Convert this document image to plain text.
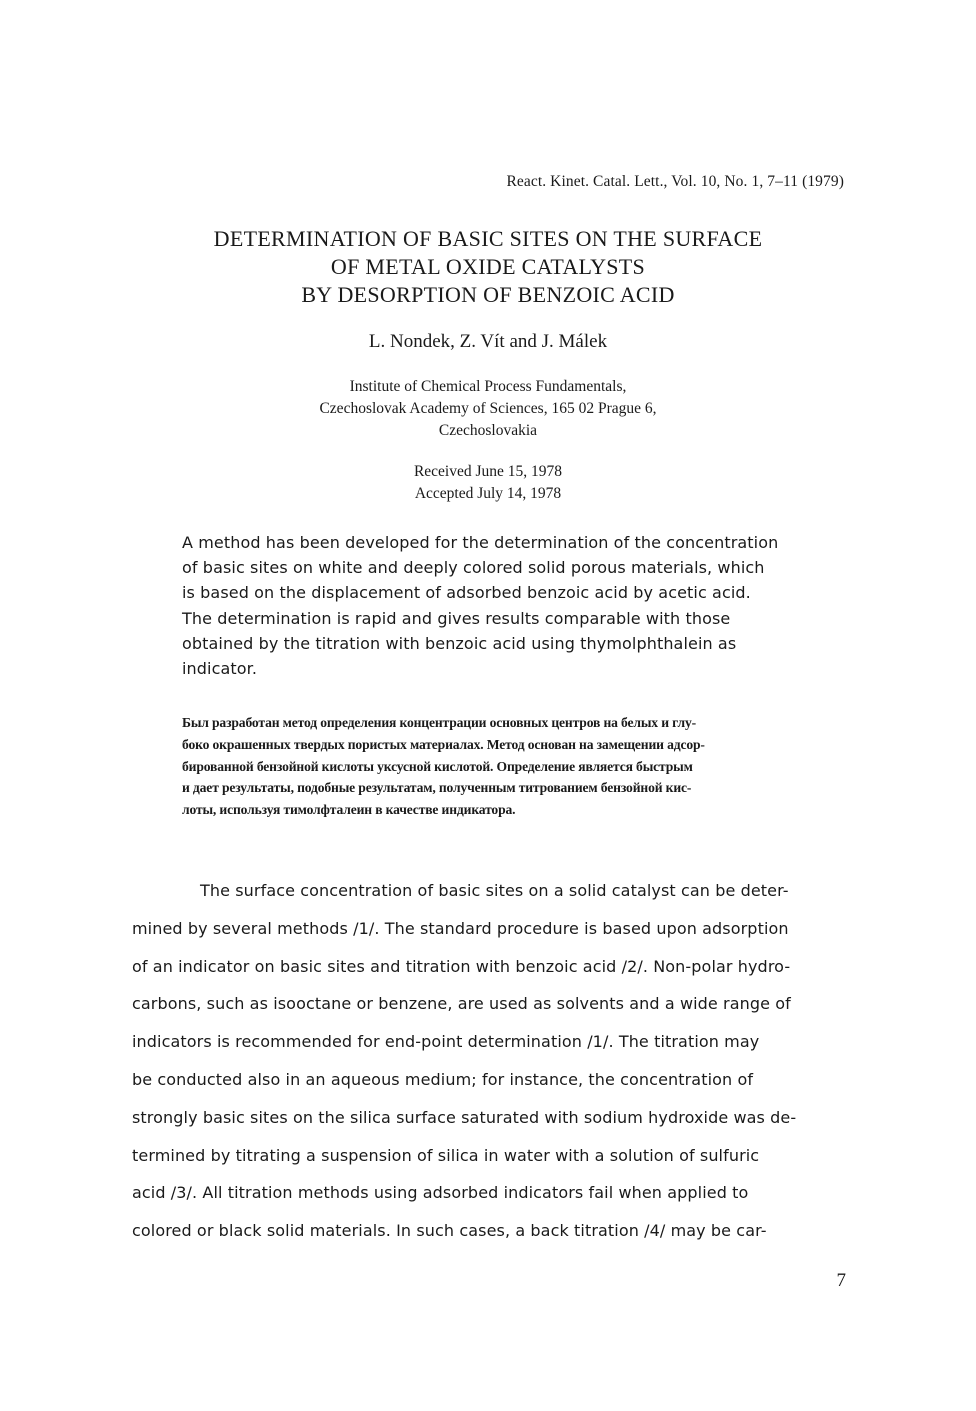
React. Kinet. Catal. Lett., Vol. 10, No. 1, 7–11 (1979)
DETERMINATION OF BASIC SITES ON THE SURFACE
OF METAL OXIDE CATALYSTS
BY DESORPTION OF BENZOIC ACID
L. Nondek, Z. Vít and J. Málek
Institute of Chemical Process Fundamentals,
Czechoslovak Academy of Sciences, 165 02 Prague 6,
Czechoslovakia
Received June 15, 1978
Accepted July 14, 1978
A method has been developed for the determination of the concentration
of basic sites on white and deeply colored solid porous materials, which
is based on the displacement of adsorbed benzoic acid by acetic acid.
The determination is rapid and gives results comparable with those
obtained by the titration with benzoic acid using thymolphthalein as
indicator.
Был разработан метод определения концентрации основных центров на белых и глу-
боко окрашенных твердых пористых материалах. Метод основан на замещении адсор-
бированной бензойной кислоты уксусной кислотой. Определение является быстрым
и дает результаты, подобные результатам, полученным титрованием бензойной кис-
лоты, используя тимолфталеин в качестве индикатора.
The surface concentration of basic sites on a solid catalyst can be deter-
mined by several methods /1/. The standard procedure is based upon adsorption
of an indicator on basic sites and titration with benzoic acid /2/. Non-polar hydro-
carbons, such as isooctane or benzene, are used as solvents and a wide range of
indicators is recommended for end-point determination /1/. The titration may
be conducted also in an aqueous medium; for instance, the concentration of
strongly basic sites on the silica surface saturated with sodium hydroxide was de-
termined by titrating a suspension of silica in water with a solution of sulfuric
acid /3/. All titration methods using adsorbed indicators fail when applied to
colored or black solid materials. In such cases, a back titration /4/ may be car-
7
